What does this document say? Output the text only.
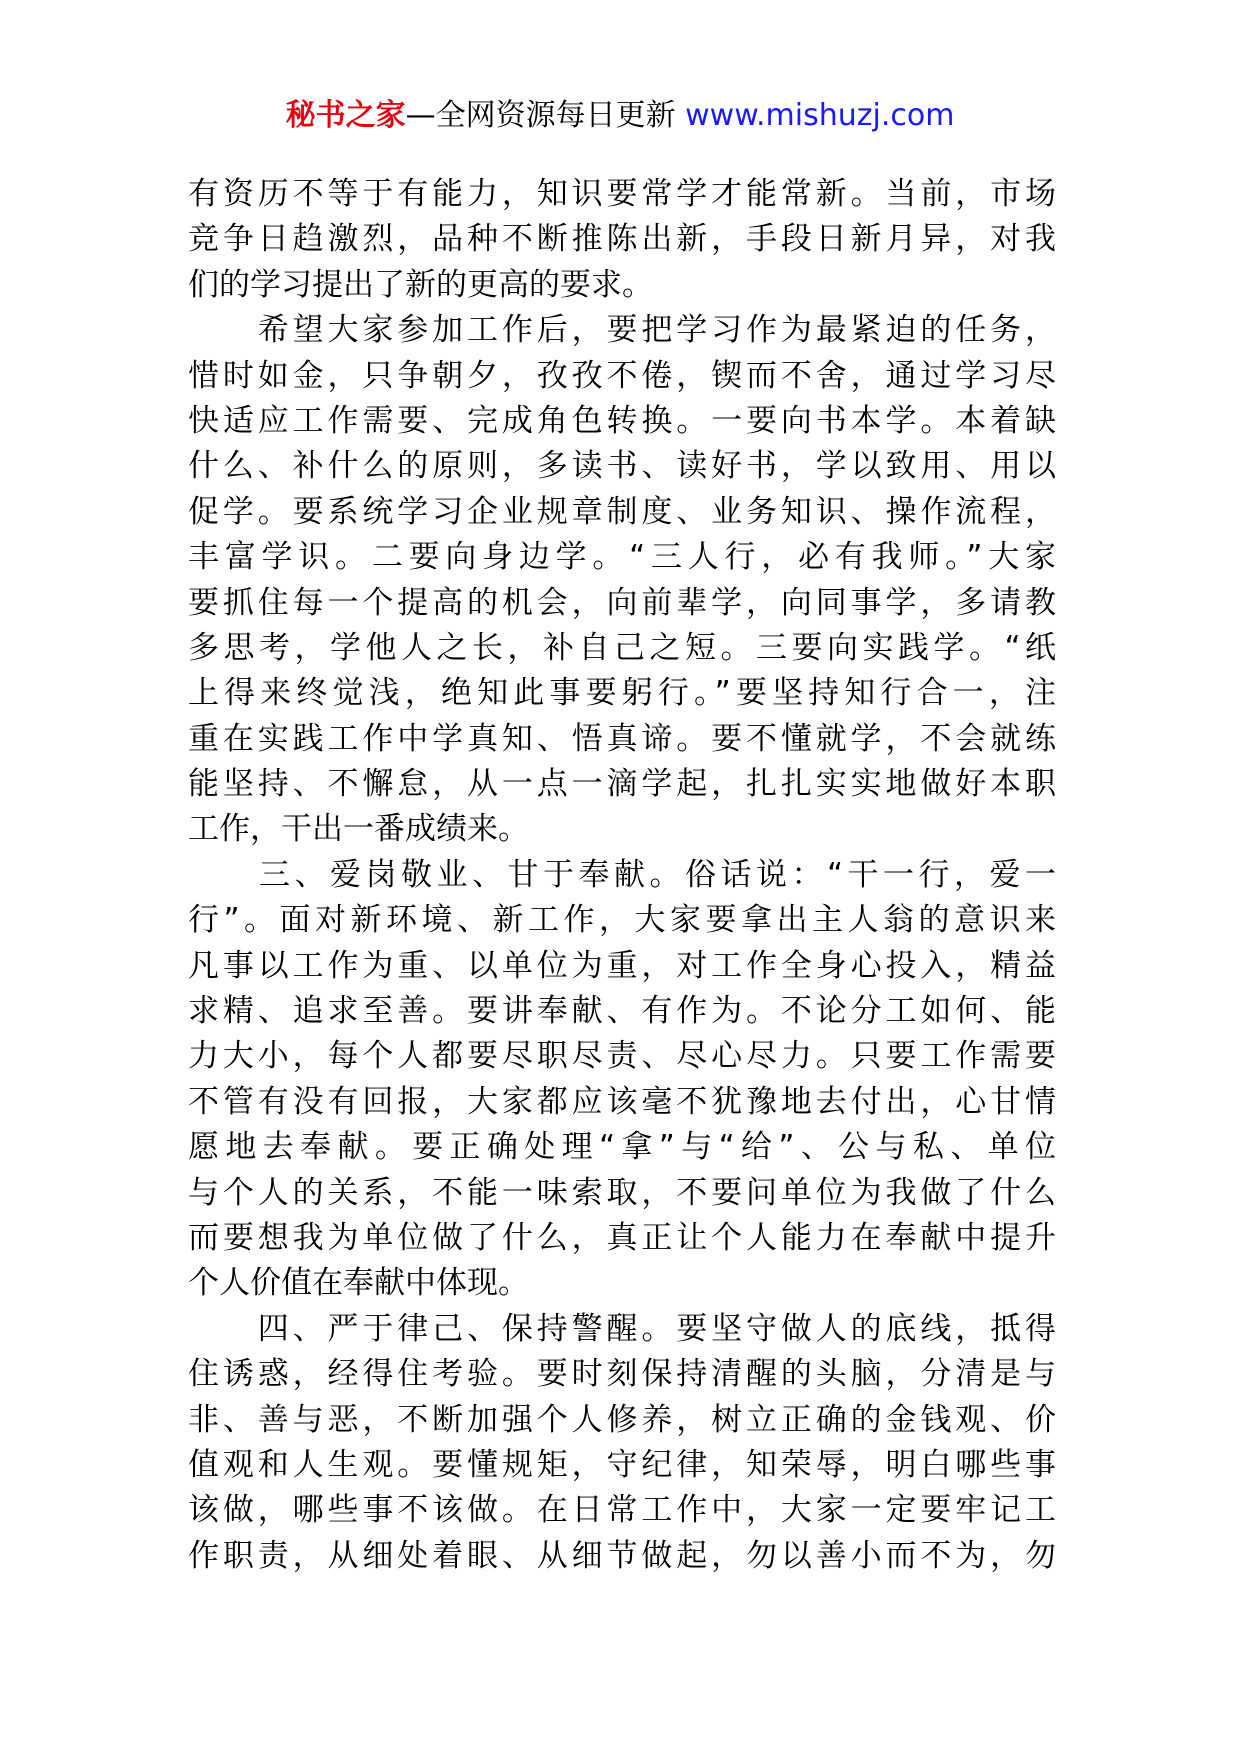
秘书之家—全网资源每日更新 www.mishuzj.com
有资历不等于有能力，知识要常学才能常新。当前，市场
竞争日趋激烈，品种不断推陈出新，手段日新月异，对我
们的学习提出了新的更高的要求。
　　希望大家参加工作后，要把学习作为最紧迫的任务，
惜时如金，只争朝夕，孜孜不倦，锲而不舍，通过学习尽
快适应工作需要、完成角色转换。一要向书本学。本着缺
什么、补什么的原则，多读书、读好书，学以致用、用以
促学。要系统学习企业规章制度、业务知识、操作流程，
丰富学识。二要向身边学。“三人行，必有我师。”大家
要抓住每一个提高的机会，向前辈学，向同事学，多请教
多思考，学他人之长，补自己之短。三要向实践学。“纸
上得来终觉浅，绝知此事要躬行。”要坚持知行合一，注
重在实践工作中学真知、悟真谛。要不懂就学，不会就练
能坚持、不懈怠，从一点一滴学起，扎扎实实地做好本职
工作，干出一番成绩来。
　　三、爱岗敬业、甘于奉献。俗话说：“干一行，爱一
行”。面对新环境、新工作，大家要拿出主人翁的意识来
凡事以工作为重、以单位为重，对工作全身心投入，精益
求精、追求至善。要讲奉献、有作为。不论分工如何、能
力大小，每个人都要尽职尽责、尽心尽力。只要工作需要
不管有没有回报，大家都应该毫不犹豫地去付出，心甘情
愿地去奉献。要正确处理“拿”与“给”、公与私、单位
与个人的关系，不能一味索取，不要问单位为我做了什么
而要想我为单位做了什么，真正让个人能力在奉献中提升
个人价值在奉献中体现。
　　四、严于律己、保持警醒。要坚守做人的底线，抵得
住诱惑，经得住考验。要时刻保持清醒的头脑，分清是与
非、善与恶，不断加强个人修养，树立正确的金钱观、价
值观和人生观。要懂规矩，守纪律，知荣辱，明白哪些事
该做，哪些事不该做。在日常工作中，大家一定要牢记工
作职责，从细处着眼、从细节做起，勿以善小而不为，勿
